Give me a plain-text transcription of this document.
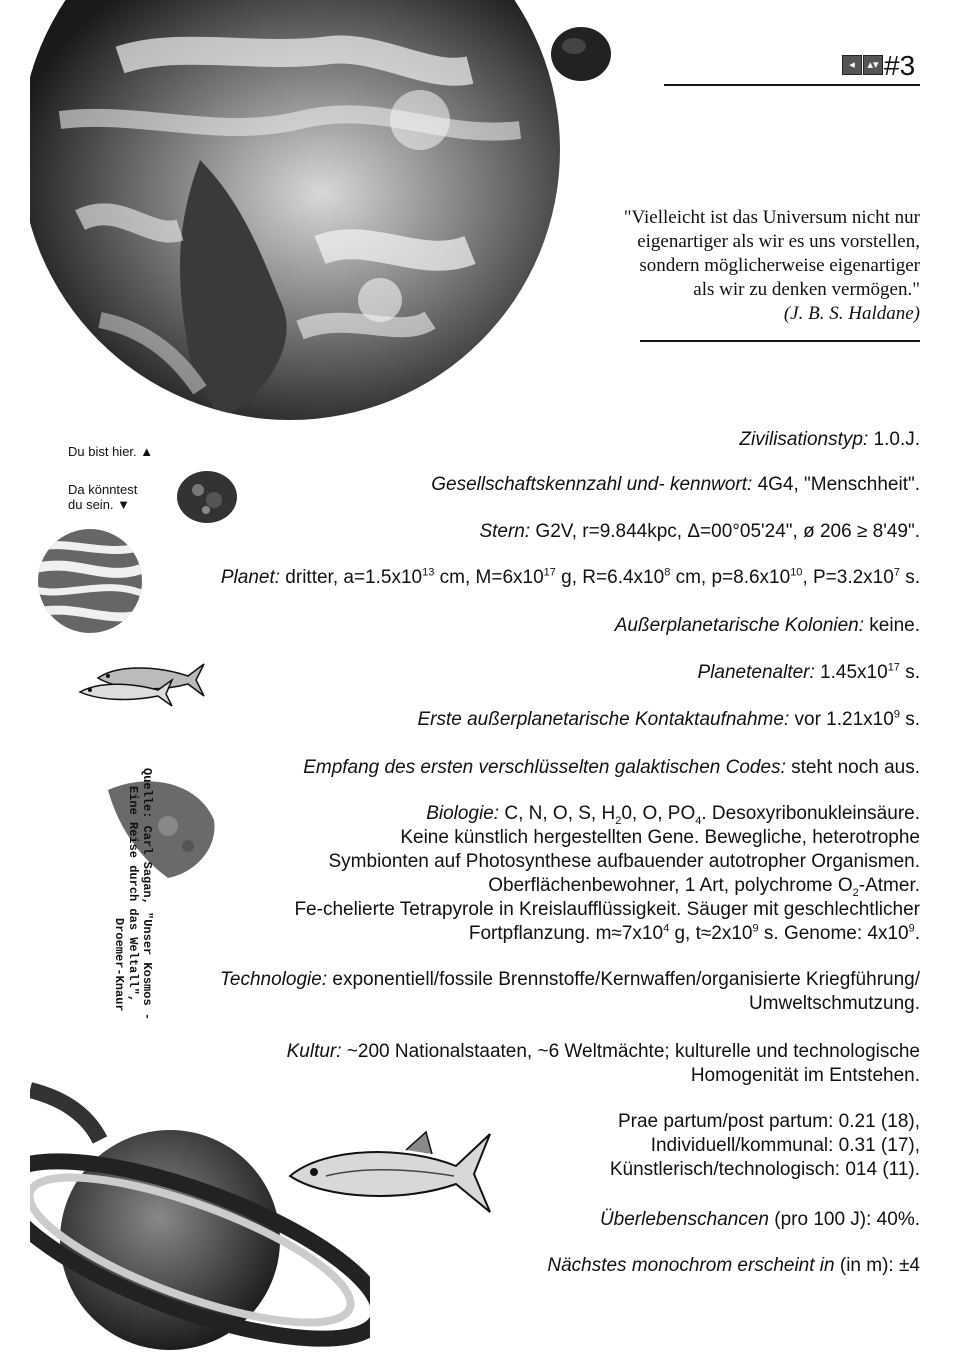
◂	▴▾ #3
"Vielleicht ist das Universum nicht nur
eigenartiger als wir es uns vorstellen,
sondern möglicherweise eigenartiger
als wir zu denken vermögen."
(J. B. S. Haldane)
Du bist hier. ▲
Da könntest
du sein. ▼
Quelle: Carl Sagan, "Unser Kosmos -
Eine Reise durch das Weltall",
Droemer-Knaur
Zivilisationstyp: 1.0.J.
Gesellschaftskennzahl und- kennwort: 4G4, "Menschheit".
Stern: G2V, r=9.844kpc, Δ=00°05'24", ø 206 ≥ 8'49".
Planet: dritter, $a=1.5x10^{13}$ cm, $M=6x10^{17}$ g, $R=6.4x10^8$ cm, $p=8.6x10^{10}$, $P=3.2x10^7$ s.
Außerplanetarische Kolonien: keine.
Planetenalter: $1.45x10^{17}$ s.
Erste außerplanetarische Kontaktaufnahme: vor $1.21x10^9$ s.
Empfang des ersten verschlüsselten galaktischen Codes: steht noch aus.
Biologie: C, N, O, S, $H_20$, O, $PO_4$. Desoxyribonukleinsäure.
Keine künstlich hergestellten Gene. Bewegliche, heterotrophe
Symbionten auf Photosynthese aufbauender autotropher Organismen.
Oberflächenbewohner, 1 Art, polychrome $O_2$-Atmer.
Fe-chelierte Tetrapyrole in Kreislaufflüssigkeit. Säuger mit geschlechtlicher
Fortpflanzung. $m\approx 7x10^4$ g, $t\approx 2x10^9$ s. Genome: $4x10^9$.
Technologie: exponentiell/fossile Brennstoffe/Kernwaffen/organisierte Kriegführung/
Umweltschmutzung.
Kultur: ~200 Nationalstaaten, ~6 Weltmächte; kulturelle und technologische
Homogenität im Entstehen.
Prae partum/post partum: 0.21 (18),
Individuell/kommunal: 0.31 (17),
Künstlerisch/technologisch: 014 (11).
Überlebenschancen (pro 100 J): 40%.
Nächstes monochrom erscheint in (in m): ±4
